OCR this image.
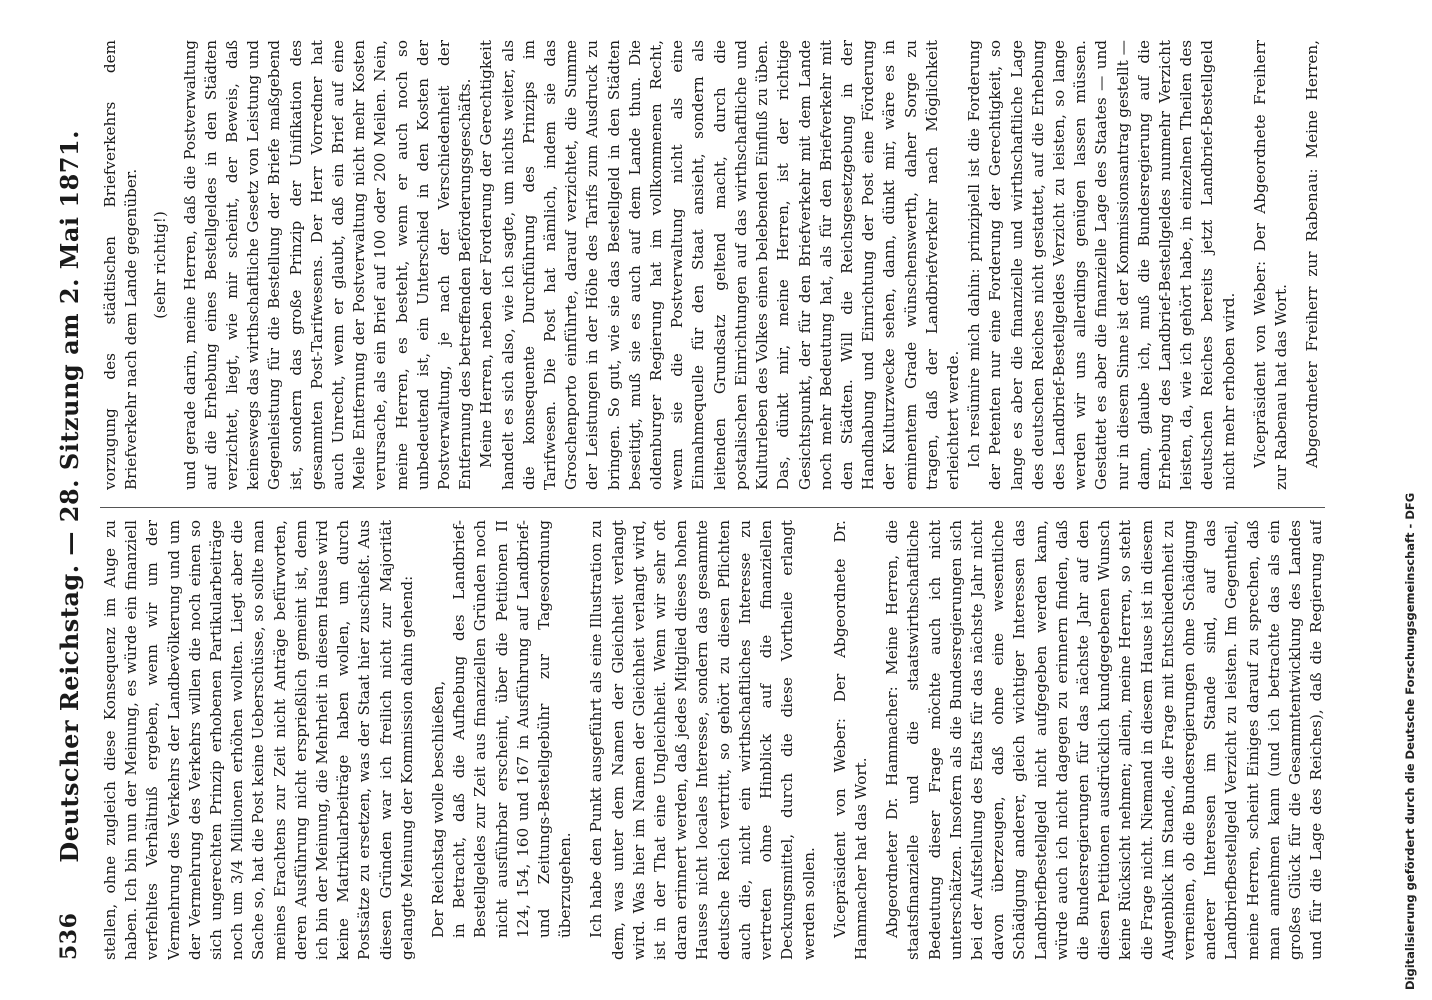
536
Deutscher Reichstag. — 28. Sitzung am 2. Mai 1871. stellen, ohne zugleich diese Konsequenz im Auge zu haben. Ich bin nun der Meinung, es würde ein finanziell verfehltes Verhältniß ergeben, wenn wir um der Vermehrung des Verkehrs der Landbevölkerung und um der Vermehrung des Verkehrs willen die noch einen so sich ungerechten Prinzip erhobenen Partikularbeiträge noch um 3/4 Millionen erhöhen wollten. Liegt aber die Sache so, hat die Post keine Ueberschüsse, so sollte man meines Erachtens zur Zeit nicht Anträge befürworten, deren Ausführung nicht ersprießlich gemeint ist, denn ich bin der Meinung, die Mehrheit in diesem Hause wird keine Matrikularbeiträge haben wollen, um durch Postsätze zu ersetzen, was der Staat hier zuschießt. Aus diesen Gründen war ich freilich nicht zur Majorität gelangte Meinung der Kommission dahin gehend: Der Reichstag wolle beschließen, in Betracht, daß die Aufhebung des Landbrief-Bestellgeldes zur Zeit aus finanziellen Gründen noch nicht ausführbar erscheint, über die Petitionen II 124, 154, 160 und 167 in Ausführung auf Landbrief- und Zeitungs-Bestellgebühr zur Tagesordnung überzugehen. Ich habe den Punkt ausgeführt als eine Illustration zu dem, was unter dem Namen der Gleichheit verlangt wird. Was hier im Namen der Gleichheit verlangt wird, ist in der That eine Ungleichheit. Wenn wir sehr oft daran erinnert werden, daß jedes Mitglied dieses hohen Hauses nicht locales Interesse, sondern das gesammte deutsche Reich vertritt, so gehört zu diesen Pflichten auch die, nicht ein wirthschaftliches Interesse zu vertreten ohne Hinblick auf die finanziellen Deckungsmittel, durch die diese Vortheile erlangt werden sollen. Vicepräsident von Weber: Der Abgeordnete Dr. Hammacher hat das Wort. Abgeordneter Dr. Hammacher: Meine Herren, die staatsfinanzielle und die staatswirthschaftliche Bedeutung dieser Frage möchte auch ich nicht unterschätzen. Insofern als die Bundesregierungen sich bei der Aufstellung des Etats für das nächste Jahr nicht davon überzeugen, daß ohne eine wesentliche Schädigung anderer, gleich wichtiger Interessen das Landbriefbestellgeld nicht aufgegeben werden kann, würde auch ich nicht dagegen zu erinnern finden, daß die Bundesregierungen für das nächste Jahr auf den diesen Petitionen ausdrücklich kundgegebenen Wunsch keine Rücksicht nehmen; allein, meine Herren, so steht die Frage nicht. Niemand in diesem Hause ist in diesem Augenblick im Stande, die Frage mit Entschiedenheit zu verneinen, ob die Bundesregierungen ohne Schädigung anderer Interessen im Stande sind, auf das Landbriefbestellgeld Verzicht zu leisten. Im Gegentheil, meine Herren, scheint Einiges darauf zu sprechen, daß man annehmen kann (und ich betrachte das als ein großes Glück für die Gesammtentwicklung des Landes und für die Lage des Reiches), daß die Regierung auf

vorzugung des städtischen Briefverkehrs dem Briefverkehr nach dem Lande gegenüber. (sehr richtig!) und gerade darin, meine Herren, daß die Postverwaltung auf die Erhebung eines Bestellgeldes in den Städten verzichtet, liegt, wie mir scheint, der Beweis, daß keineswegs das wirthschaftliche Gesetz von Leistung und Gegenleistung für die Bestellung der Briefe maßgebend ist, sondern das große Prinzip der Unifikation des gesammten Post-Tarifwesens. Der Herr Vorredner hat auch Unrecht, wenn er glaubt, daß ein Brief auf eine Meile Entfernung der Postverwaltung nicht mehr Kosten verursache, als ein Brief auf 100 oder 200 Meilen. Nein, meine Herren, es besteht, wenn er auch noch so unbedeutend ist, ein Unterschied in den Kosten der Postverwaltung, je nach der Verschiedenheit der Entfernung des betreffenden Beförderungsgeschäfts. Meine Herren, neben der Forderung der Gerechtigkeit handelt es sich also, wie ich sagte, um nichts weiter, als die konsequente Durchführung des Prinzips im Tarifwesen. Die Post hat nämlich, indem sie das Groschenporto einführte, darauf verzichtet, die Summe der Leistungen in der Höhe des Tarifs zum Ausdruck zu bringen. So gut, wie sie das Bestellgeld in den Städten beseitigt, muß sie es auch auf dem Lande thun. Die oldenburger Regierung hat im vollkommenen Recht, wenn sie die Postverwaltung nicht als eine Einnahmequelle für den Staat ansieht, sondern als leitenden Grundsatz geltend macht, durch die postalischen Einrichtungen auf das wirthschaftliche und Kulturleben des Volkes einen belebenden Einfluß zu üben. Das, dünkt mir, meine Herren, ist der richtige Gesichtspunkt, der für den Briefverkehr mit dem Lande noch mehr Bedeutung hat, als für den Briefverkehr mit den Städten. Will die Reichsgesetzgebung in der Handhabung und Einrichtung der Post eine Förderung der Kulturzwecke sehen, dann, dünkt mir, wäre es in eminentem Grade wünschenswerth, daher Sorge zu tragen, daß der Landbriefverkehr nach Möglichkeit erleichtert werde. Ich resümire mich dahin: prinzipiell ist die Forderung der Petenten nur eine Forderung der Gerechtigkeit, so lange es aber die finanzielle und wirthschaftliche Lage des deutschen Reiches nicht gestattet, auf die Erhebung des Landbrief-Bestellgeldes Verzicht zu leisten, so lange werden wir uns allerdings genügen lassen müssen. Gestattet es aber die finanzielle Lage des Staates — und nur in diesem Sinne ist der Kommissionsantrag gestellt — dann, glaube ich, muß die Bundesregierung auf die Erhebung des Landbrief-Bestellgeldes nunmehr Verzicht leisten, da, wie ich gehört habe, in einzelnen Theilen des deutschen Reiches bereits jetzt Landbrief-Bestellgeld nicht mehr erhoben wird. Vicepräsident von Weber: Der Abgeordnete Freiherr zur Rabenau hat das Wort. Abgeordneter Freiherr zur Rabenau: Meine Herren,

Digitalisierung gefördert durch die Deutsche Forschungsgemeinschaft - DFG
